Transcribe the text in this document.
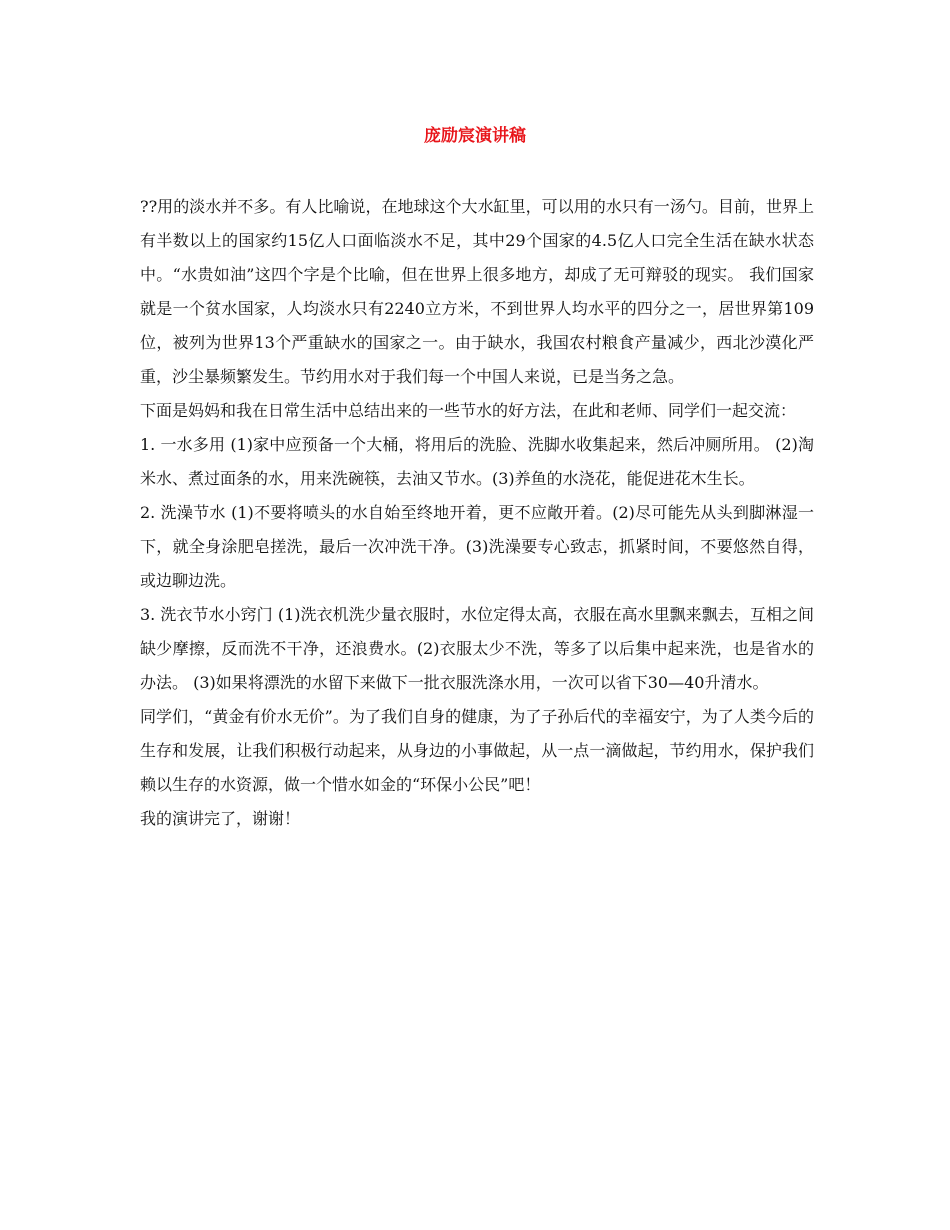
庞励宸演讲稿

??用的淡水并不多。有人比喻说，在地球这个大水缸里，可以用的水只有一汤勺。目前，世界上有半数以上的国家约15亿人口面临淡水不足，其中29个国家的4.5亿人口完全生活在缺水状态中。“水贵如油”这四个字是个比喻，但在世界上很多地方，却成了无可辩驳的现实。 我们国家就是一个贫水国家，人均淡水只有2240立方米，不到世界人均水平的四分之一，居世界第109位，被列为世界13个严重缺水的国家之一。由于缺水，我国农村粮食产量减少，西北沙漠化严重，沙尘暴频繁发生。节约用水对于我们每一个中国人来说，已是当务之急。

下面是妈妈和我在日常生活中总结出来的一些节水的好方法，在此和老师、同学们一起交流：

1. 一水多用 (1)家中应预备一个大桶，将用后的洗脸、洗脚水收集起来，然后冲厕所用。 (2)淘米水、煮过面条的水，用来洗碗筷，去油又节水。(3)养鱼的水浇花，能促进花木生长。

2. 洗澡节水 (1)不要将喷头的水自始至终地开着，更不应敞开着。(2)尽可能先从头到脚淋湿一下，就全身涂肥皂搓洗，最后一次冲洗干净。(3)洗澡要专心致志，抓紧时间，不要悠然自得，或边聊边洗。

3. 洗衣节水小窍门 (1)洗衣机洗少量衣服时，水位定得太高，衣服在高水里飘来飘去，互相之间缺少摩擦，反而洗不干净，还浪费水。(2)衣服太少不洗，等多了以后集中起来洗，也是省水的办法。 (3)如果将漂洗的水留下来做下一批衣服洗涤水用，一次可以省下30—40升清水。

同学们，“黄金有价水无价”。为了我们自身的健康，为了子孙后代的幸福安宁，为了人类今后的生存和发展，让我们积极行动起来，从身边的小事做起，从一点一滴做起，节约用水，保护我们赖以生存的水资源，做一个惜水如金的“环保小公民”吧！

我的演讲完了，谢谢！
